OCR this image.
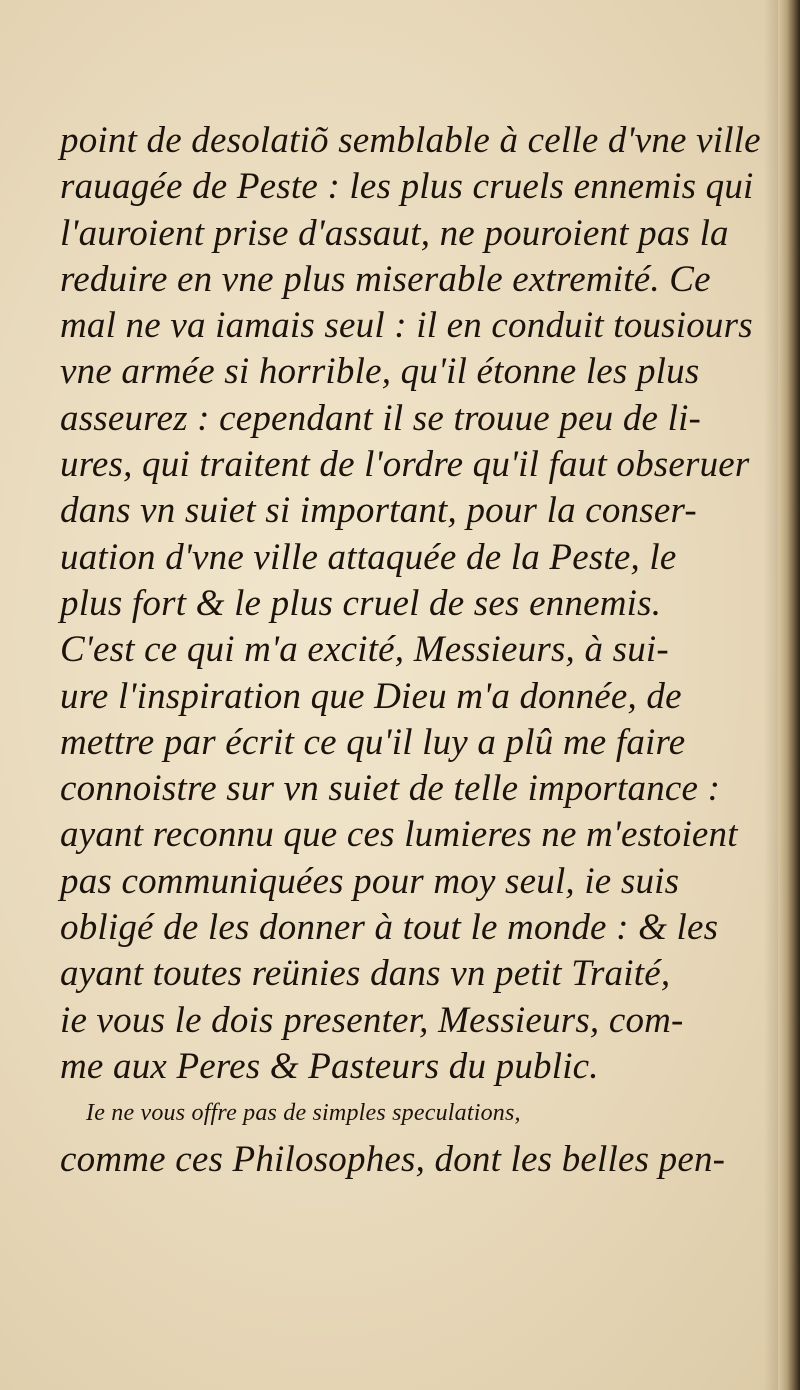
point de desolatiõ semblable à celle d'vne ville
rauagée de Peste : les plus cruels ennemis qui
l'auroient prise d'assaut, ne pouroient pas la
reduire en vne plus miserable extremité. Ce
mal ne va iamais seul : il en conduit tousiours
vne armée si horrible, qu'il étonne les plus
asseurez : cependant il se trouue peu de li-
ures, qui traitent de l'ordre qu'il faut obseruer
dans vn suiet si important, pour la conser-
uation d'vne ville attaquée de la Peste, le
plus fort & le plus cruel de ses ennemis.
C'est ce qui m'a excité, Messieurs, à sui-
ure l'inspiration que Dieu m'a donnée, de
mettre par écrit ce qu'il luy a plû me faire
connoistre sur vn suiet de telle importance :
ayant reconnu que ces lumieres ne m'estoient
pas communiquées pour moy seul, ie suis
obligé de les donner à tout le monde : & les
ayant toutes reünies dans vn petit Traité,
ie vous le dois presenter, Messieurs, com-
me aux Peres & Pasteurs du public.
Ie ne vous offre pas de simples speculations,
comme ces Philosophes, dont les belles pen-
